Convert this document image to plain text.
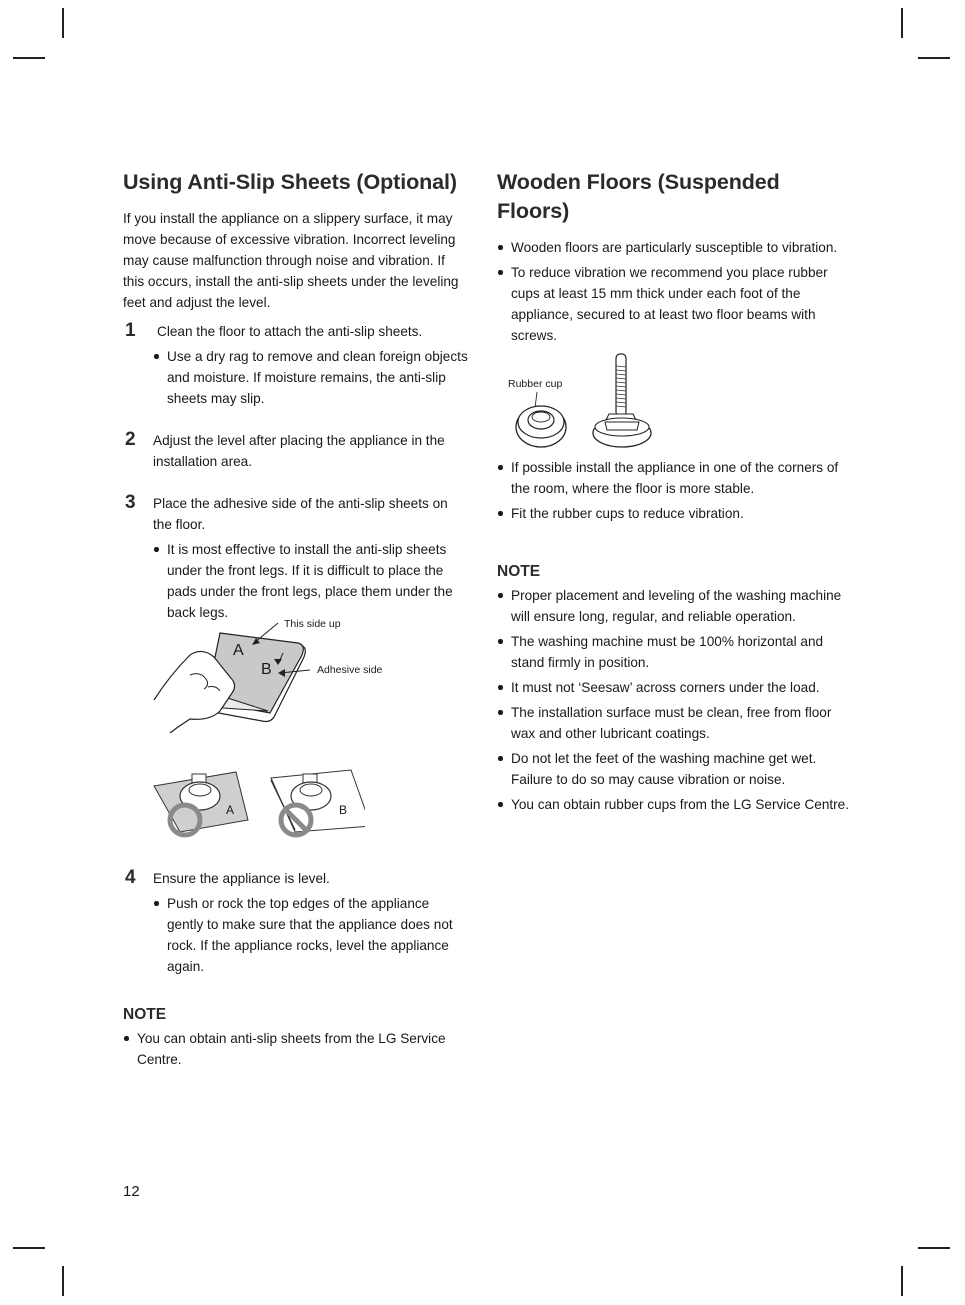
Using Anti-Slip Sheets (Optional)

If you install the appliance on a slippery surface, it may move because of excessive vibration. Incorrect leveling may cause malfunction through noise and vibration. If this occurs, install the anti-slip sheets under the leveling feet and adjust the level.

1 Clean the floor to attach the anti-slip sheets.
Use a dry rag to remove and clean foreign objects and moisture. If moisture remains, the anti-slip sheets may slip.
2 Adjust the level after placing the appliance in the installation area.
3 Place the adhesive side of the anti-slip sheets on the floor.
It is most effective to install the anti-slip sheets under the front legs. If it is difficult to place the pads under the front legs, place them under the back legs.
A
B
This side up
Adhesive side
A	B
4 Ensure the appliance is level.
Push or rock the top edges of the appliance gently to make sure that the appliance does not rock. If the appliance rocks, level the appliance again.
NOTE
You can obtain anti-slip sheets from the LG Service Centre.
Wooden Floors (Suspended Floors)
Wooden floors are particularly susceptible to vibration.
To reduce vibration we recommend you place rubber cups at least 15 mm thick under each foot of the appliance, secured to at least two floor beams with screws.
Rubber cup
If possible install the appliance in one of the corners of the room, where the floor is more stable.
Fit the rubber cups to reduce vibration.
NOTE
Proper placement and leveling of the washing machine will ensure long, regular, and reliable operation.
The washing machine must be 100% horizontal and stand firmly in position.
It must not ‘Seesaw’ across corners under the load.
The installation surface must be clean, free from floor wax and other lubricant coatings.
Do not let the feet of the washing machine get wet. Failure to do so may cause vibration or noise.
You can obtain rubber cups from the LG Service Centre.
12
